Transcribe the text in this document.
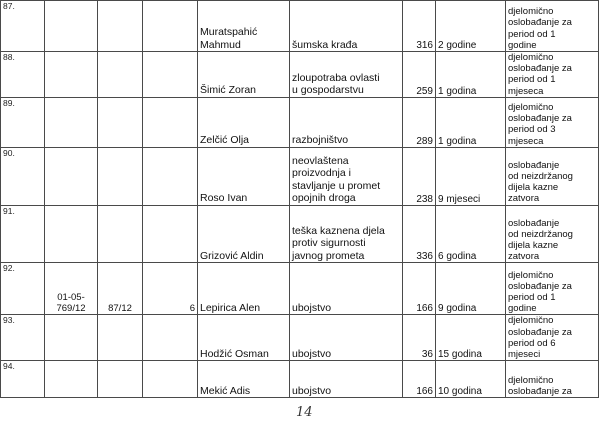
87.				Muratspahić
Mahmud	šumska krađa	316	2 godine	djelomično
oslobađanje za
period od 1
godine
88.				Šimić Zoran	zloupotraba ovlasti
u gospodarstvu	259	1 godina	djelomično
oslobađanje za
period od 1
mjeseca
89.				Zelčić Olja	razbojništvo	289	1 godina	djelomično
oslobađanje za
period od 3
mjeseca
90.				Roso Ivan	neovlaštena
proizvodnja i
stavljanje u promet
opojnih droga	238	9 mjeseci	oslobađanje
od neizdržanog
dijela kazne
zatvora
91.				Grizović Aldin	teška kaznena djela
protiv sigurnosti
javnog prometa	336	6 godina	oslobađanje
od neizdržanog
dijela kazne
zatvora
92.	01-05-
769/12	87/12	6	Lepirica Alen	ubojstvo	166	9 godina	djelomično
oslobađanje za
period od 1
godine
93.				Hodžić Osman	ubojstvo	36	15 godina	djelomično
oslobađanje za
period od 6
mjeseci
94.				Mekić Adis	ubojstvo	166	10 godina	djelomično
oslobađanje za
14
